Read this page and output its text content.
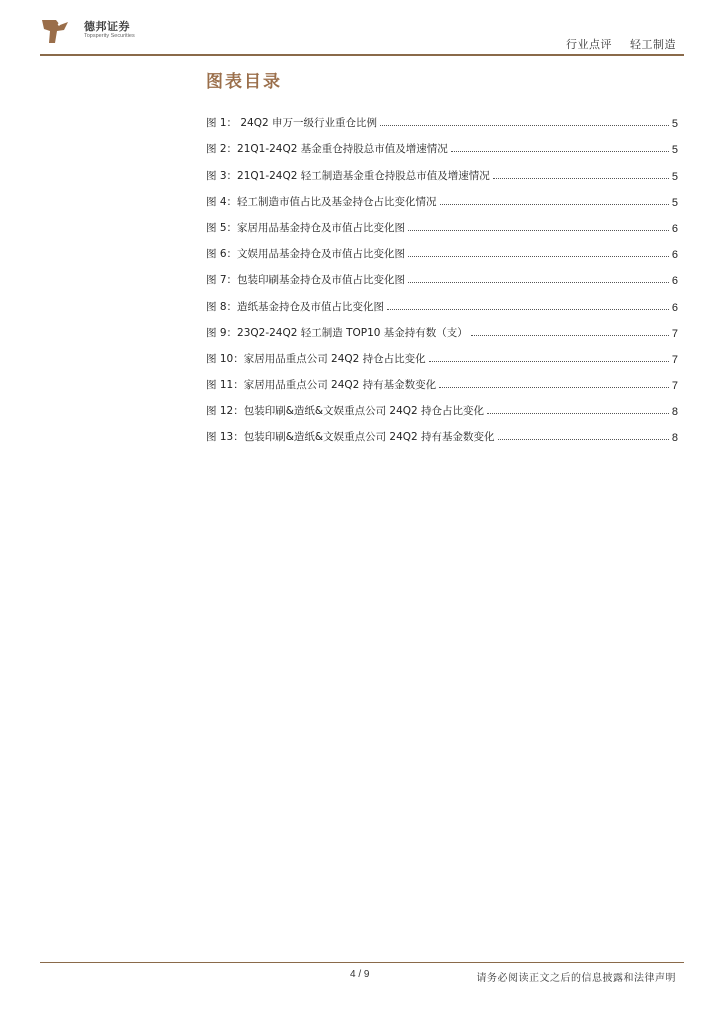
德邦证券
Topsperity Securities
行业点评 轻工制造
图表目录
图 1： 24Q2 申万一级行业重仓比例	5
图 2：21Q1-24Q2 基金重仓持股总市值及增速情况	5
图 3：21Q1-24Q2 轻工制造基金重仓持股总市值及增速情况	5
图 4：轻工制造市值占比及基金持仓占比变化情况	5
图 5：家居用品基金持仓及市值占比变化图	6
图 6：文娱用品基金持仓及市值占比变化图	6
图 7：包装印刷基金持仓及市值占比变化图	6
图 8：造纸基金持仓及市值占比变化图	6
图 9：23Q2-24Q2 轻工制造 TOP10 基金持有数（支）	7
图 10：家居用品重点公司 24Q2 持仓占比变化	7
图 11：家居用品重点公司 24Q2 持有基金数变化	7
图 12：包装印刷&造纸&文娱重点公司 24Q2 持仓占比变化	8
图 13：包装印刷&造纸&文娱重点公司 24Q2 持有基金数变化	8
4 / 9	请务必阅读正文之后的信息披露和法律声明
